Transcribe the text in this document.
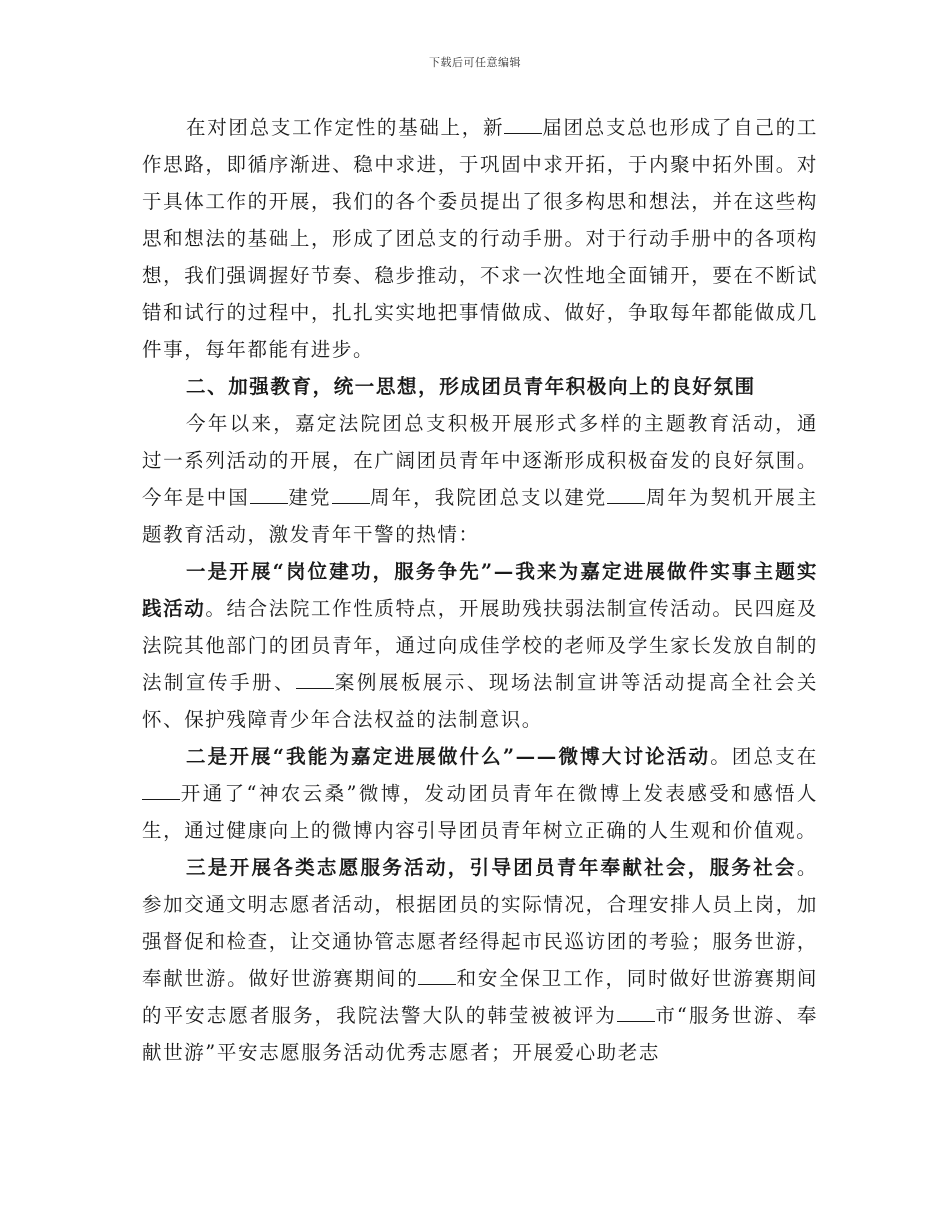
下载后可任意编辑

在对团总支工作定性的基础上，新 届团总支总也形成了自己的工作思路，即循序渐进、稳中求进，于巩固中求开拓，于内聚中拓外围。对于具体工作的开展，我们的各个委员提出了很多构思和想法，并在这些构思和想法的基础上，形成了团总支的行动手册。对于行动手册中的各项构想，我们强调握好节奏、稳步推动，不求一次性地全面铺开，要在不断试错和试行的过程中，扎扎实实地把事情做成、做好，争取每年都能做成几件事，每年都能有进步。

二、加强教育，统一思想，形成团员青年积极向上的良好氛围

今年以来，嘉定法院团总支积极开展形式多样的主题教育活动，通过一系列活动的开展，在广阔团员青年中逐渐形成积极奋发的良好氛围。今年是中国 建党 周年，我院团总支以建党 周年为契机开展主题教育活动，激发青年干警的热情：

一是开展“岗位建功，服务争先”—我来为嘉定进展做件实事主题实践活动。结合法院工作性质特点，开展助残扶弱法制宣传活动。民四庭及法院其他部门的团员青年，通过向成佳学校的老师及学生家长发放自制的法制宣传手册、 案例展板展示、现场法制宣讲等活动提高全社会关怀、保护残障青少年合法权益的法制意识。

二是开展“我能为嘉定进展做什么”——微博大讨论活动。团总支在开通了“神农云桑”微博，发动团员青年在微博上发表感受和感悟人生，通过健康向上的微博内容引导团员青年树立正确的人生观和价值观。

三是开展各类志愿服务活动，引导团员青年奉献社会，服务社会。参加交通文明志愿者活动，根据团员的实际情况，合理安排人员上岗，加强督促和检查，让交通协管志愿者经得起市民巡访团的考验；服务世游，奉献世游。做好世游赛期间的 和安全保卫工作，同时做好世游赛期间的平安志愿者服务，我院法警大队的韩莹被被评为 市“服务世游、奉献世游”平安志愿服务活动优秀志愿者；开展爱心助老志
